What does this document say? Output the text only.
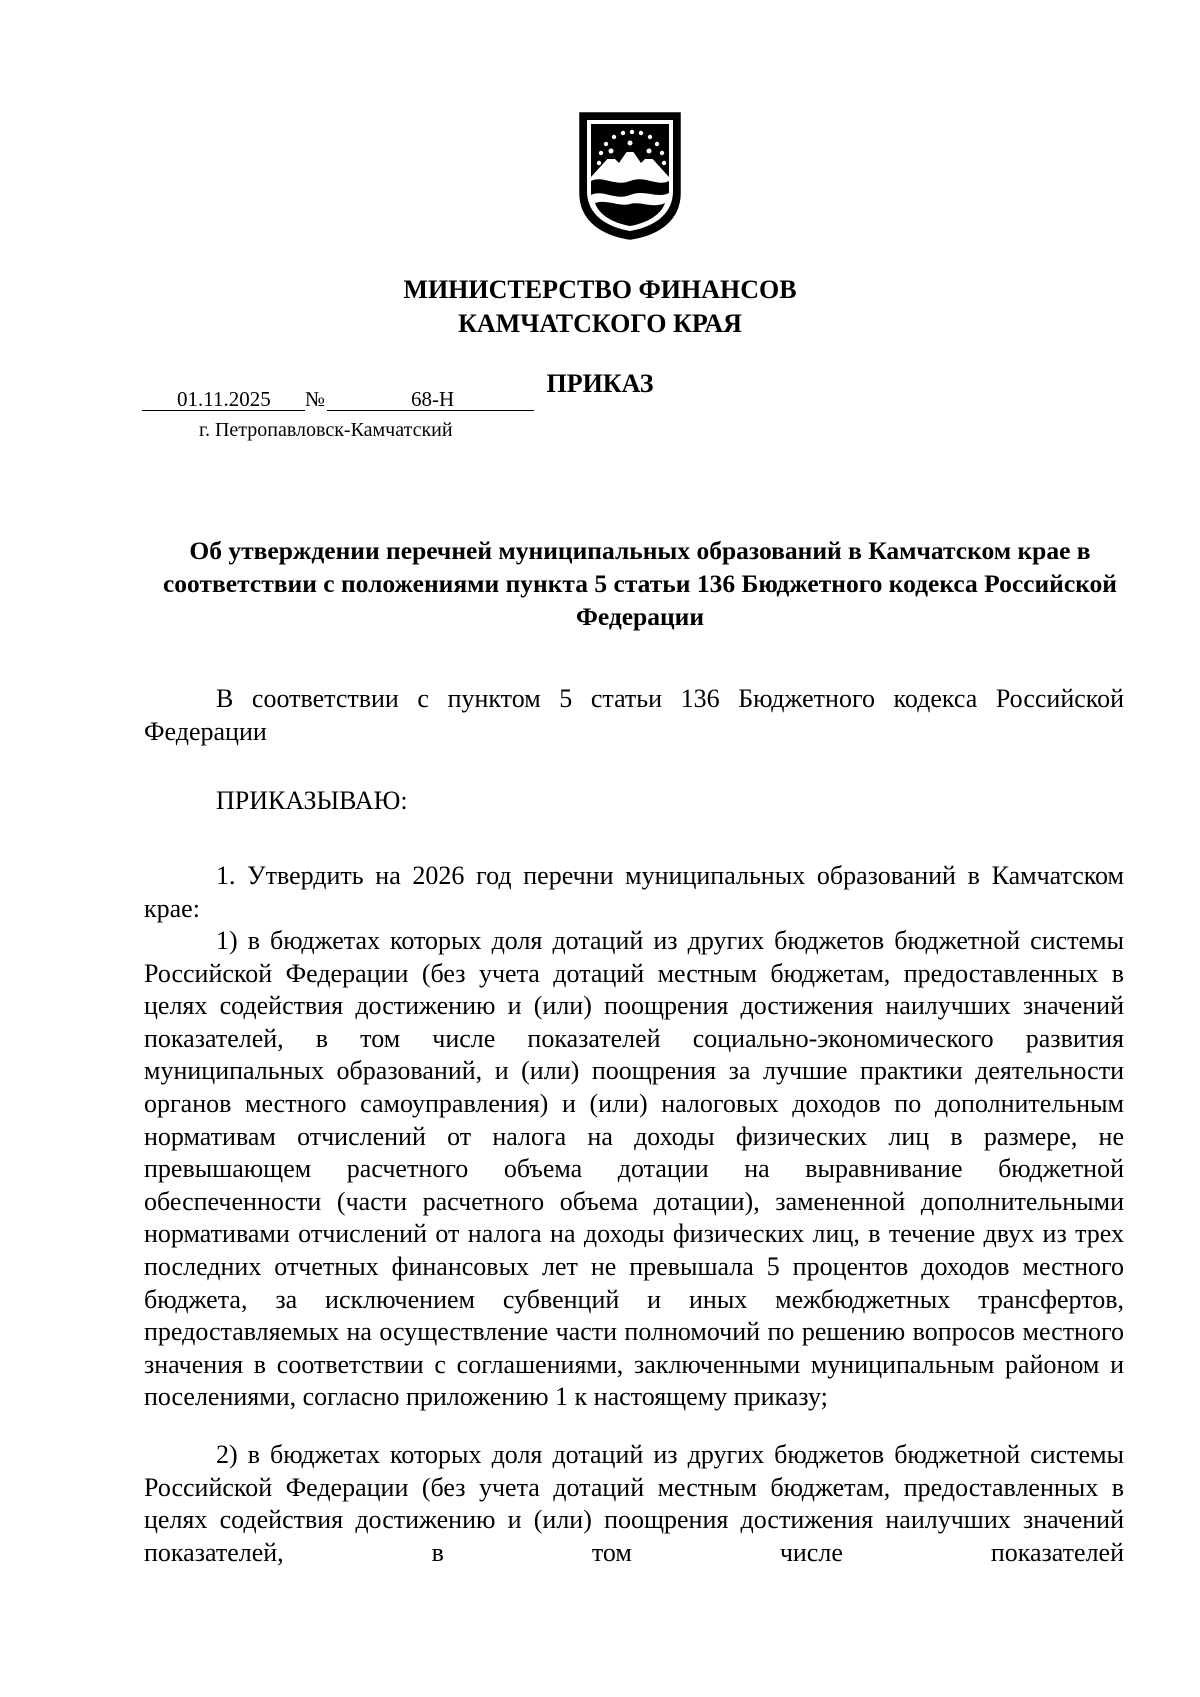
МИНИСТЕРСТВО ФИНАНСОВ
КАМЧАТСКОГО КРАЯ
ПРИКАЗ
01.11.2025 №	68-Н
г. Петропавловск-Камчатский
Об утверждении перечней муниципальных образований в Камчатском крае в соответствии с положениями пункта 5 статьи 136 Бюджетного кодекса Российской Федерации
В соответствии с пунктом 5 статьи 136 Бюджетного кодекса Российской Федерации
ПРИКАЗЫВАЮ:
1. Утвердить на 2026 год перечни муниципальных образований в Камчатском крае:
1) в бюджетах которых доля дотаций из других бюджетов бюджетной системы Российской Федерации (без учета дотаций местным бюджетам, предоставленных в целях содействия достижению и (или) поощрения достижения наилучших значений показателей, в том числе показателей социально-экономического развития муниципальных образований, и (или) поощрения за лучшие практики деятельности органов местного самоуправления) и (или) налоговых доходов по дополнительным нормативам отчислений от налога на доходы физических лиц в размере, не превышающем расчетного объема дотации на выравнивание бюджетной обеспеченности (части расчетного объема дотации), замененной дополнительными нормативами отчислений от налога на доходы физических лиц, в течение двух из трех последних отчетных финансовых лет не превышала 5 процентов доходов местного бюджета, за исключением субвенций и иных межбюджетных трансфертов, предоставляемых на осуществление части полномочий по решению вопросов местного значения в соответствии с соглашениями, заключенными муниципальным районом и поселениями, согласно приложению 1 к настоящему приказу;
2) в бюджетах которых доля дотаций из других бюджетов бюджетной системы Российской Федерации (без учета дотаций местным бюджетам, предоставленных в целях содействия достижению и (или) поощрения достижения наилучших значений показателей, в том числе показателей
